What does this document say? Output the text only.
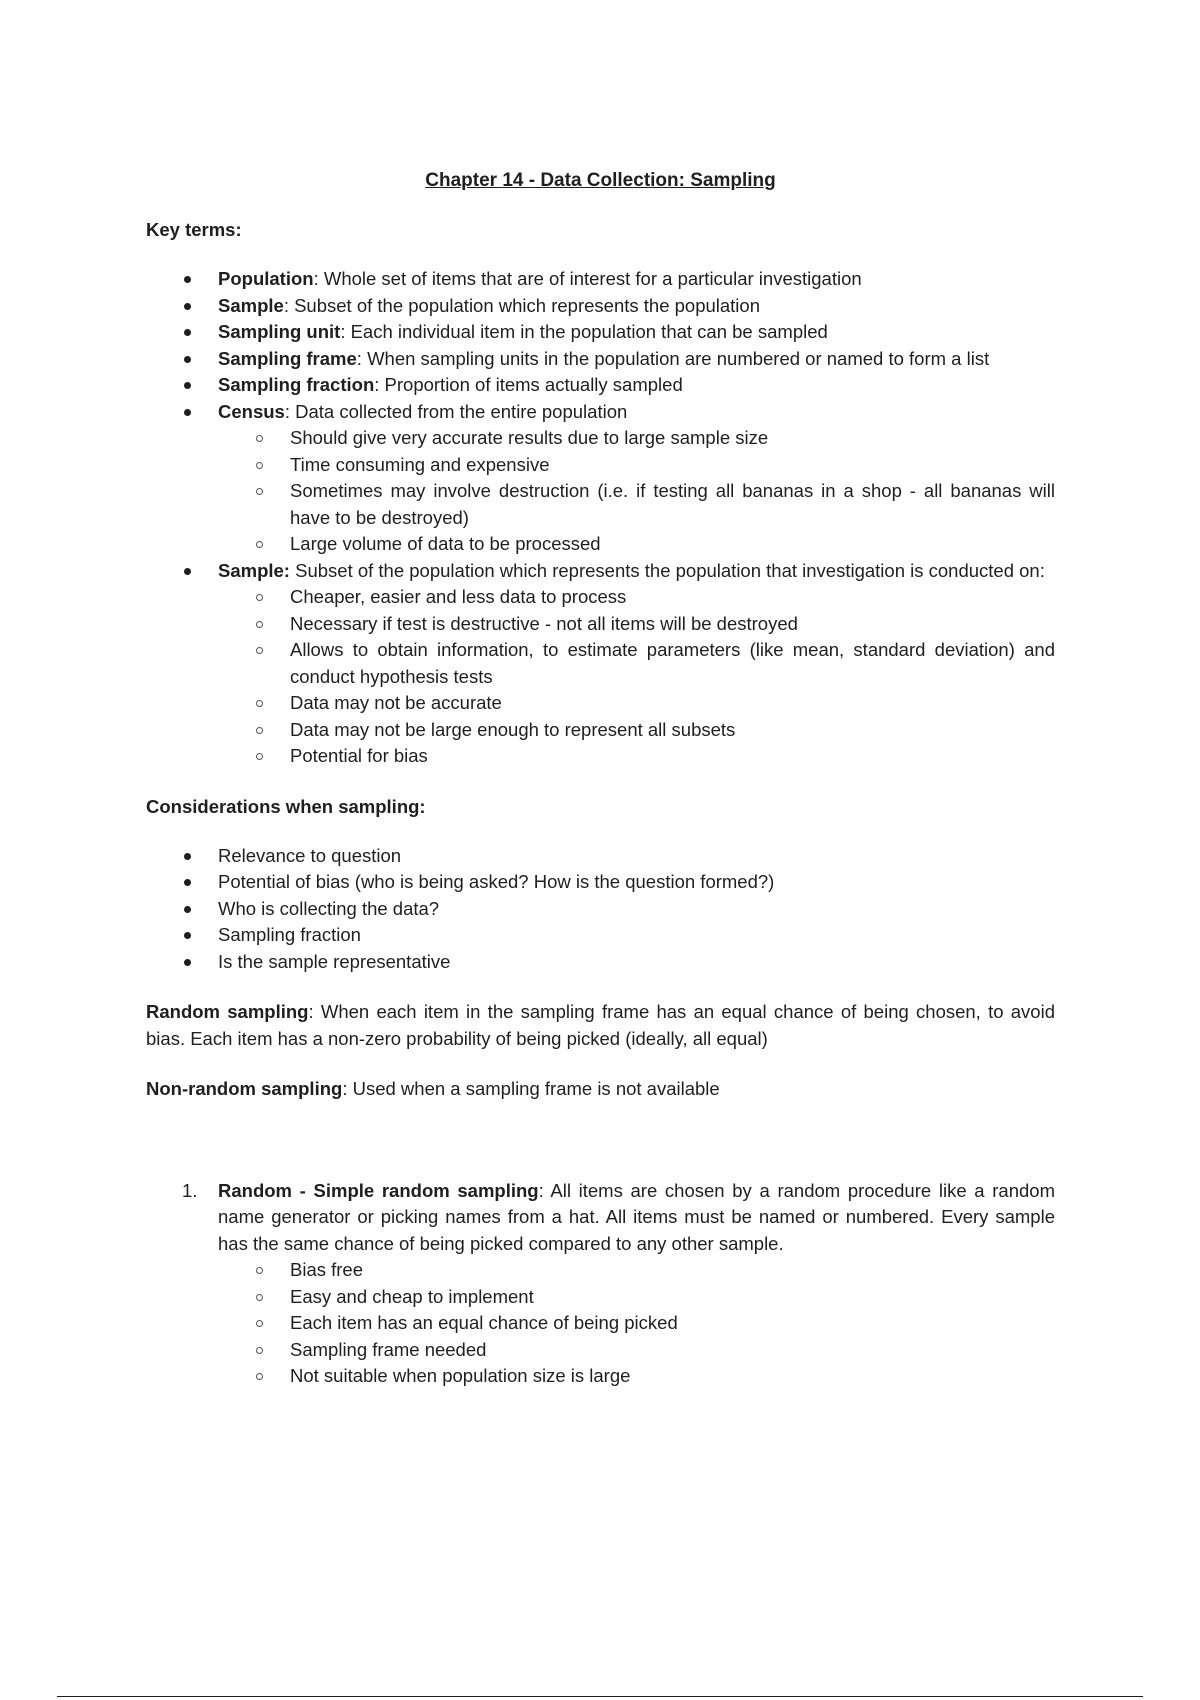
Chapter 14 - Data Collection: Sampling
Key terms:
Population: Whole set of items that are of interest for a particular investigation
Sample: Subset of the population which represents the population
Sampling unit: Each individual item in the population that can be sampled
Sampling frame: When sampling units in the population are numbered or named to form a list
Sampling fraction: Proportion of items actually sampled
Census: Data collected from the entire population
Should give very accurate results due to large sample size
Time consuming and expensive
Sometimes may involve destruction (i.e. if testing all bananas in a shop - all bananas will have to be destroyed)
Large volume of data to be processed
Sample: Subset of the population which represents the population that investigation is conducted on:
Cheaper, easier and less data to process
Necessary if test is destructive - not all items will be destroyed
Allows to obtain information, to estimate parameters (like mean, standard deviation) and conduct hypothesis tests
Data may not be accurate
Data may not be large enough to represent all subsets
Potential for bias
Considerations when sampling:
Relevance to question
Potential of bias (who is being asked? How is the question formed?)
Who is collecting the data?
Sampling fraction
Is the sample representative

Random sampling: When each item in the sampling frame has an equal chance of being chosen, to avoid bias. Each item has a non-zero probability of being picked (ideally, all equal)

Non-random sampling: Used when a sampling frame is not available

1. Random - Simple random sampling: All items are chosen by a random procedure like a random name generator or picking names from a hat. All items must be named or numbered. Every sample has the same chance of being picked compared to any other sample.
Bias free
Easy and cheap to implement
Each item has an equal chance of being picked
Sampling frame needed
Not suitable when population size is large
